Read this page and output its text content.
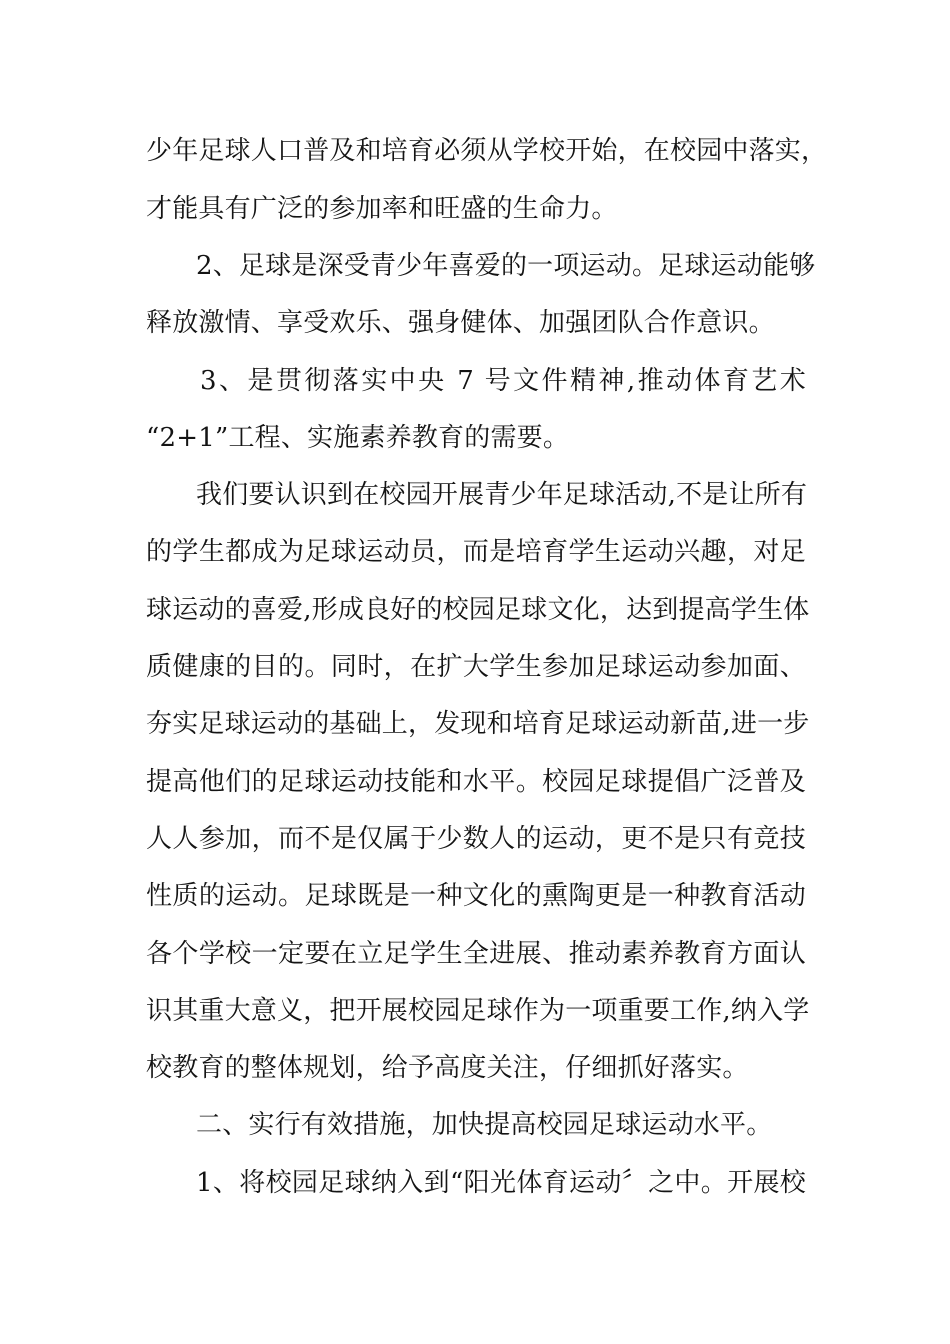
少年足球人口普及和培育必须从学校开始，在校园中落实，
才能具有广泛的参加率和旺盛的生命力。
2、足球是深受青少年喜爱的一项运动。足球运动能够
释放激情、享受欢乐、强身健体、加强团队合作意识。
3、是贯彻落实中央 7 号文件精神,推动体育艺术
“2+1”工程、实施素养教育的需要。
我们要认识到在校园开展青少年足球活动,不是让所有
的学生都成为足球运动员，而是培育学生运动兴趣，对足
球运动的喜爱,形成良好的校园足球文化，达到提高学生体
质健康的目的。同时，在扩大学生参加足球运动参加面、
夯实足球运动的基础上，发现和培育足球运动新苗,进一步
提高他们的足球运动技能和水平。校园足球提倡广泛普及
人人参加，而不是仅属于少数人的运动，更不是只有竞技
性质的运动。足球既是一种文化的熏陶更是一种教育活动
各个学校一定要在立足学生全进展、推动素养教育方面认
识其重大意义，把开展校园足球作为一项重要工作,纳入学
校教育的整体规划，给予高度关注，仔细抓好落实。
二、实行有效措施，加快提高校园足球运动水平。
1、将校园足球纳入到“阳光体育运动〞之中。开展校
